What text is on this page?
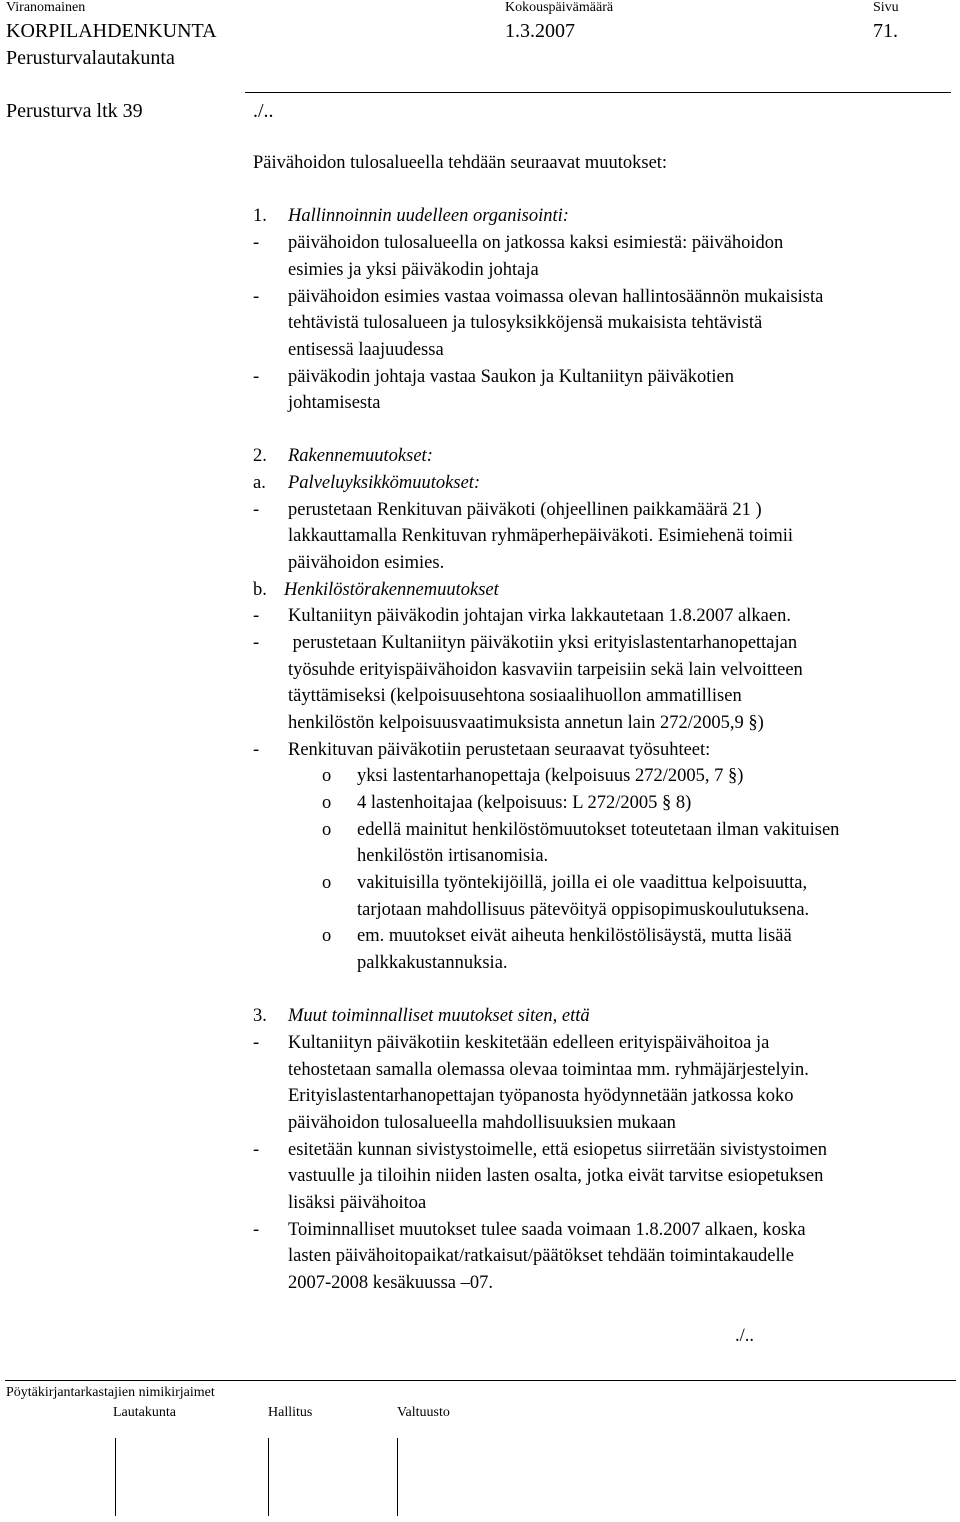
Viranomainen	Kokouspäivämäärä	Sivu
KORPILAHDENKUNTA	1.3.2007	71.
Perusturvalautakunta
Perusturva ltk 39	./..
Päivähoidon tulosalueella tehdään seuraavat muutokset:
1. Hallinnoinnin uudelleen organisointi:
- päivähoidon tulosalueella on jatkossa kaksi esimiestä: päivähoidon
esimies ja yksi päiväkodin johtaja
- päivähoidon esimies vastaa voimassa olevan hallintosäännön mukaisista
tehtävistä tulosalueen ja tulosyksikköjensä mukaisista tehtävistä
entisessä laajuudessa
- päiväkodin johtaja vastaa Saukon ja Kultaniityn päiväkotien
johtamisesta
2. Rakennemuutokset:
a. Palveluyksikkömuutokset:
- perustetaan Renkituvan päiväkoti (ohjeellinen paikkamäärä 21 )
lakkauttamalla Renkituvan ryhmäperhepäiväkoti. Esimiehenä toimii
päivähoidon esimies.
b. Henkilöstörakennemuutokset
- Kultaniityn päiväkodin johtajan virka lakkautetaan 1.8.2007 alkaen.
- perustetaan Kultaniityn päiväkotiin yksi erityislastentarhanopettajan
työsuhde erityispäivähoidon kasvaviin tarpeisiin sekä lain velvoitteen
täyttämiseksi (kelpoisuusehtona sosiaalihuollon ammatillisen
henkilöstön kelpoisuusvaatimuksista annetun lain 272/2005,9 §)
- Renkituvan päiväkotiin perustetaan seuraavat työsuhteet:
o yksi lastentarhanopettaja (kelpoisuus 272/2005, 7 §)
o 4 lastenhoitajaa (kelpoisuus: L 272/2005 § 8)
o edellä mainitut henkilöstömuutokset toteutetaan ilman vakituisen
henkilöstön irtisanomisia.
o vakituisilla työntekijöillä, joilla ei ole vaadittua kelpoisuutta,
tarjotaan mahdollisuus pätevöityä oppisopimuskoulutuksena.
o em. muutokset eivät aiheuta henkilöstölisäystä, mutta lisää
palkkakustannuksia.
3. Muut toiminnalliset muutokset siten, että
- Kultaniityn päiväkotiin keskitetään edelleen erityispäivähoitoa ja
tehostetaan samalla olemassa olevaa toimintaa mm. ryhmäjärjestelyin.
Erityislastentarhanopettajan työpanosta hyödynnetään jatkossa koko
päivähoidon tulosalueella mahdollisuuksien mukaan
- esitetään kunnan sivistystoimelle, että esiopetus siirretään sivistystoimen
vastuulle ja tiloihin niiden lasten osalta, jotka eivät tarvitse esiopetuksen
lisäksi päivähoitoa
- Toiminnalliset muutokset tulee saada voimaan 1.8.2007 alkaen, koska
lasten päivähoitopaikat/ratkaisut/päätökset tehdään toimintakaudelle
2007-2008 kesäkuussa –07.
./..
Pöytäkirjantarkastajien nimikirjaimet
Lautakunta	Hallitus	Valtuusto
